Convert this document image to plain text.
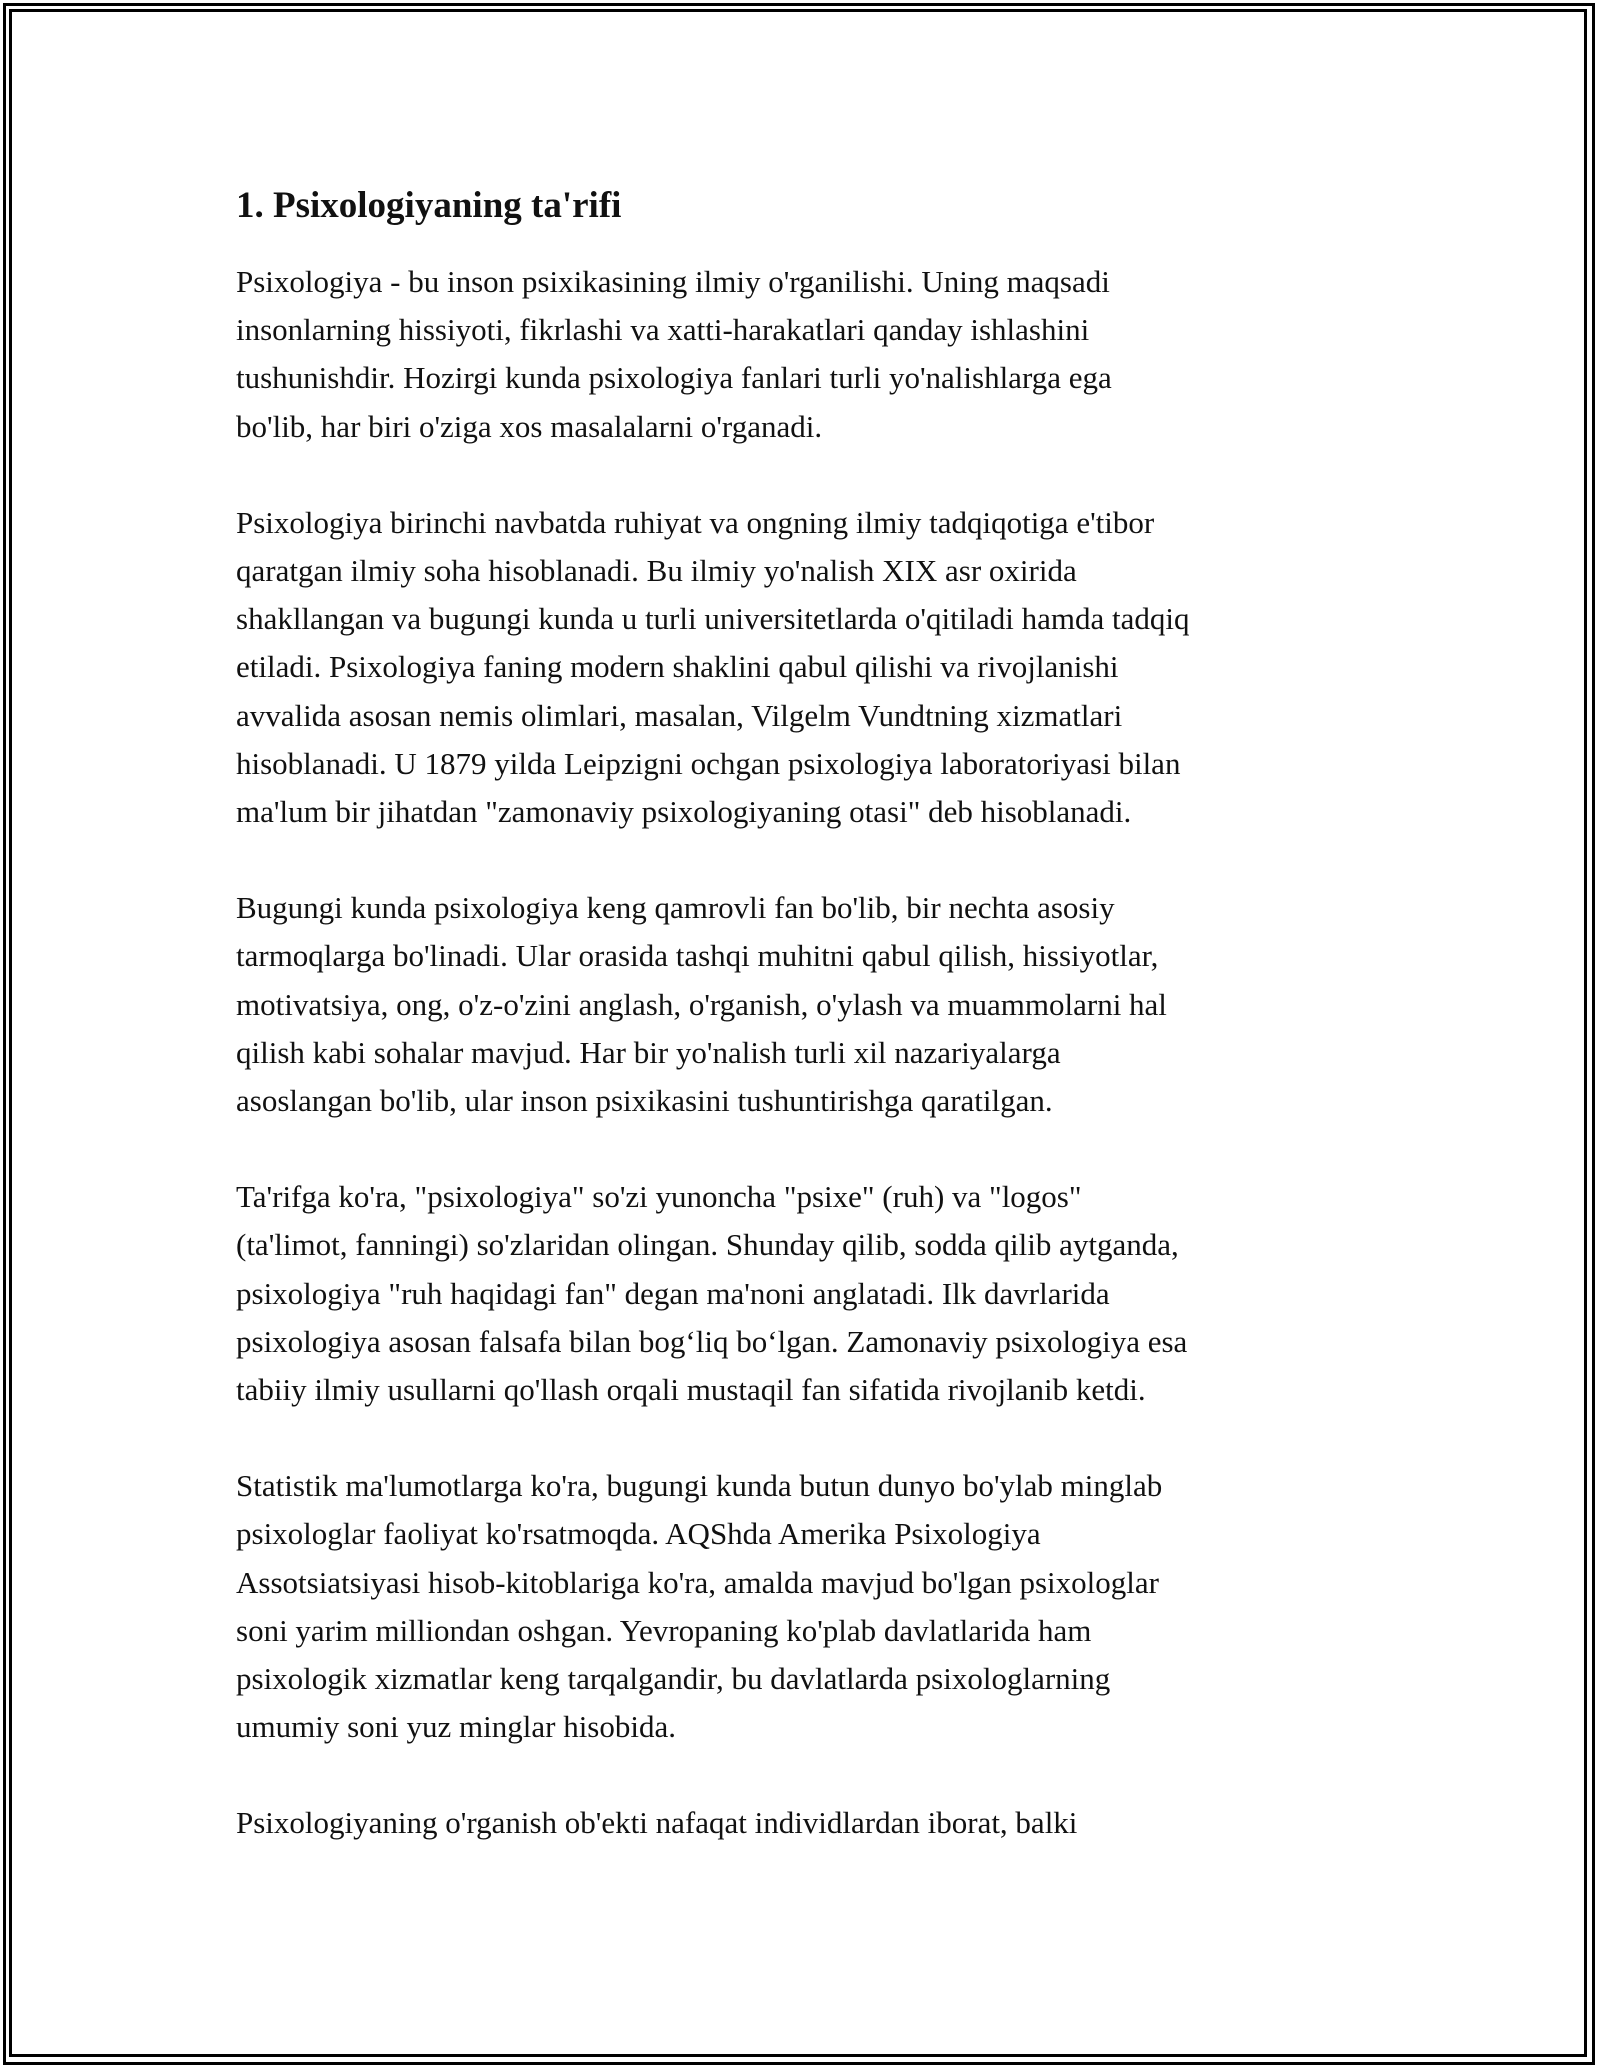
1. Psixologiyaning ta'rifi
Psixologiya - bu inson psixikasining ilmiy o'rganilishi. Uning maqsadi
insonlarning hissiyoti, fikrlashi va xatti-harakatlari qanday ishlashini
tushunishdir. Hozirgi kunda psixologiya fanlari turli yo'nalishlarga ega
bo'lib, har biri o'ziga xos masalalarni o'rganadi.
Psixologiya birinchi navbatda ruhiyat va ongning ilmiy tadqiqotiga e'tibor
qaratgan ilmiy soha hisoblanadi. Bu ilmiy yo'nalish XIX asr oxirida
shakllangan va bugungi kunda u turli universitetlarda o'qitiladi hamda tadqiq
etiladi. Psixologiya faning modern shaklini qabul qilishi va rivojlanishi
avvalida asosan nemis olimlari, masalan, Vilgelm Vundtning xizmatlari
hisoblanadi. U 1879 yilda Leipzigni ochgan psixologiya laboratoriyasi bilan
ma'lum bir jihatdan "zamonaviy psixologiyaning otasi" deb hisoblanadi.
Bugungi kunda psixologiya keng qamrovli fan bo'lib, bir nechta asosiy
tarmoqlarga bo'linadi. Ular orasida tashqi muhitni qabul qilish, hissiyotlar,
motivatsiya, ong, o'z-o'zini anglash, o'rganish, o'ylash va muammolarni hal
qilish kabi sohalar mavjud. Har bir yo'nalish turli xil nazariyalarga
asoslangan bo'lib, ular inson psixikasini tushuntirishga qaratilgan.
Ta'rifga ko'ra, "psixologiya" so'zi yunoncha "psixe" (ruh) va "logos"
(ta'limot, fanningi) so'zlaridan olingan. Shunday qilib, sodda qilib aytganda,
psixologiya "ruh haqidagi fan" degan ma'noni anglatadi. Ilk davrlarida
psixologiya asosan falsafa bilan bog‘liq bo‘lgan. Zamonaviy psixologiya esa
tabiiy ilmiy usullarni qo'llash orqali mustaqil fan sifatida rivojlanib ketdi.
Statistik ma'lumotlarga ko'ra, bugungi kunda butun dunyo bo'ylab minglab
psixologlar faoliyat ko'rsatmoqda. AQShda Amerika Psixologiya
Assotsiatsiyasi hisob-kitoblariga ko'ra, amalda mavjud bo'lgan psixologlar
soni yarim milliondan oshgan. Yevropaning ko'plab davlatlarida ham
psixologik xizmatlar keng tarqalgandir, bu davlatlarda psixologlarning
umumiy soni yuz minglar hisobida.
Psixologiyaning o'rganish ob'ekti nafaqat individlardan iborat, balki
